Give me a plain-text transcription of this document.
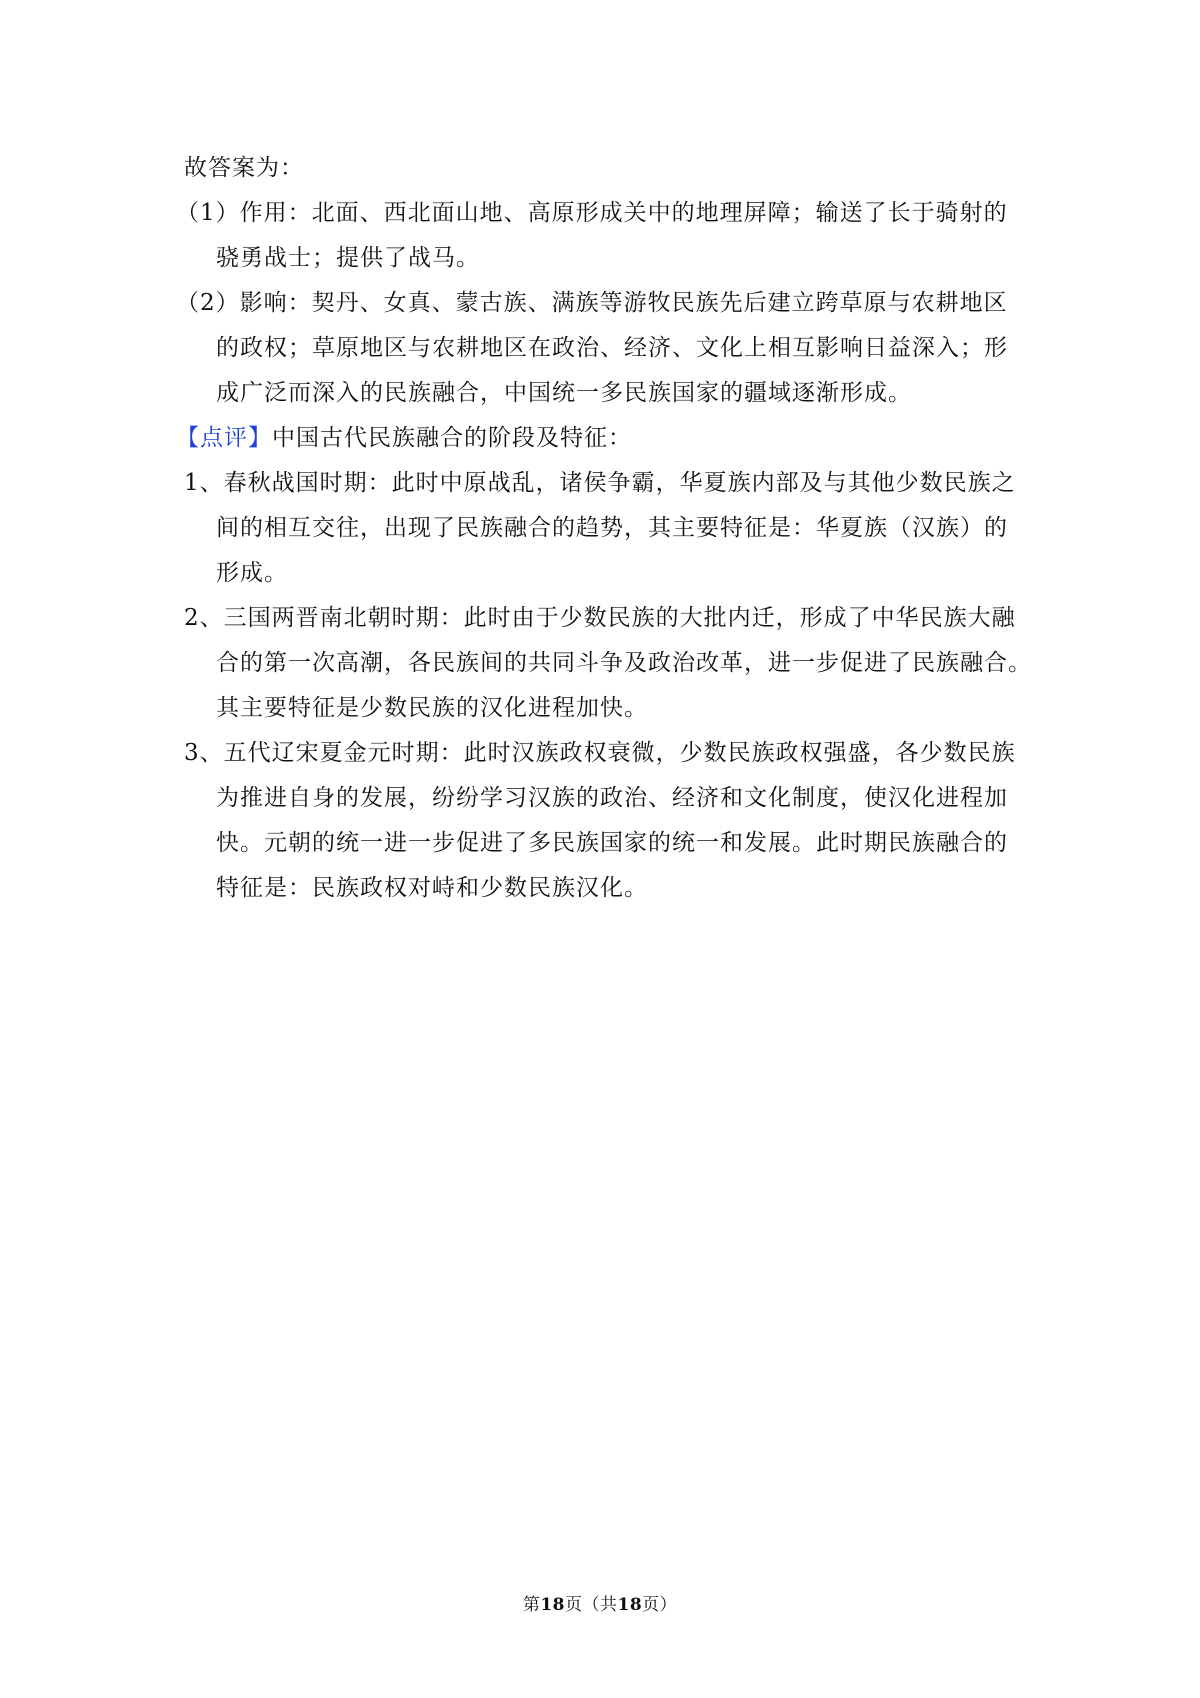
故答案为：
（1）作用：北面、西北面山地、高原形成关中的地理屏障；输送了长于骑射的
骁勇战士；提供了战马。
（2）影响：契丹、女真、蒙古族、满族等游牧民族先后建立跨草原与农耕地区
的政权；草原地区与农耕地区在政治、经济、文化上相互影响日益深入；形
成广泛而深入的民族融合，中国统一多民族国家的疆域逐渐形成。
【点评】中国古代民族融合的阶段及特征：
1、春秋战国时期：此时中原战乱，诸侯争霸，华夏族内部及与其他少数民族之
间的相互交往，出现了民族融合的趋势，其主要特征是：华夏族（汉族）的
形成。
2、三国两晋南北朝时期：此时由于少数民族的大批内迁，形成了中华民族大融
合的第一次高潮，各民族间的共同斗争及政治改革，进一步促进了民族融合。
其主要特征是少数民族的汉化进程加快。
3、五代辽宋夏金元时期：此时汉族政权衰微，少数民族政权强盛，各少数民族
为推进自身的发展，纷纷学习汉族的政治、经济和文化制度，使汉化进程加
快。元朝的统一进一步促进了多民族国家的统一和发展。此时期民族融合的
特征是：民族政权对峙和少数民族汉化。
第18页（共18页）
